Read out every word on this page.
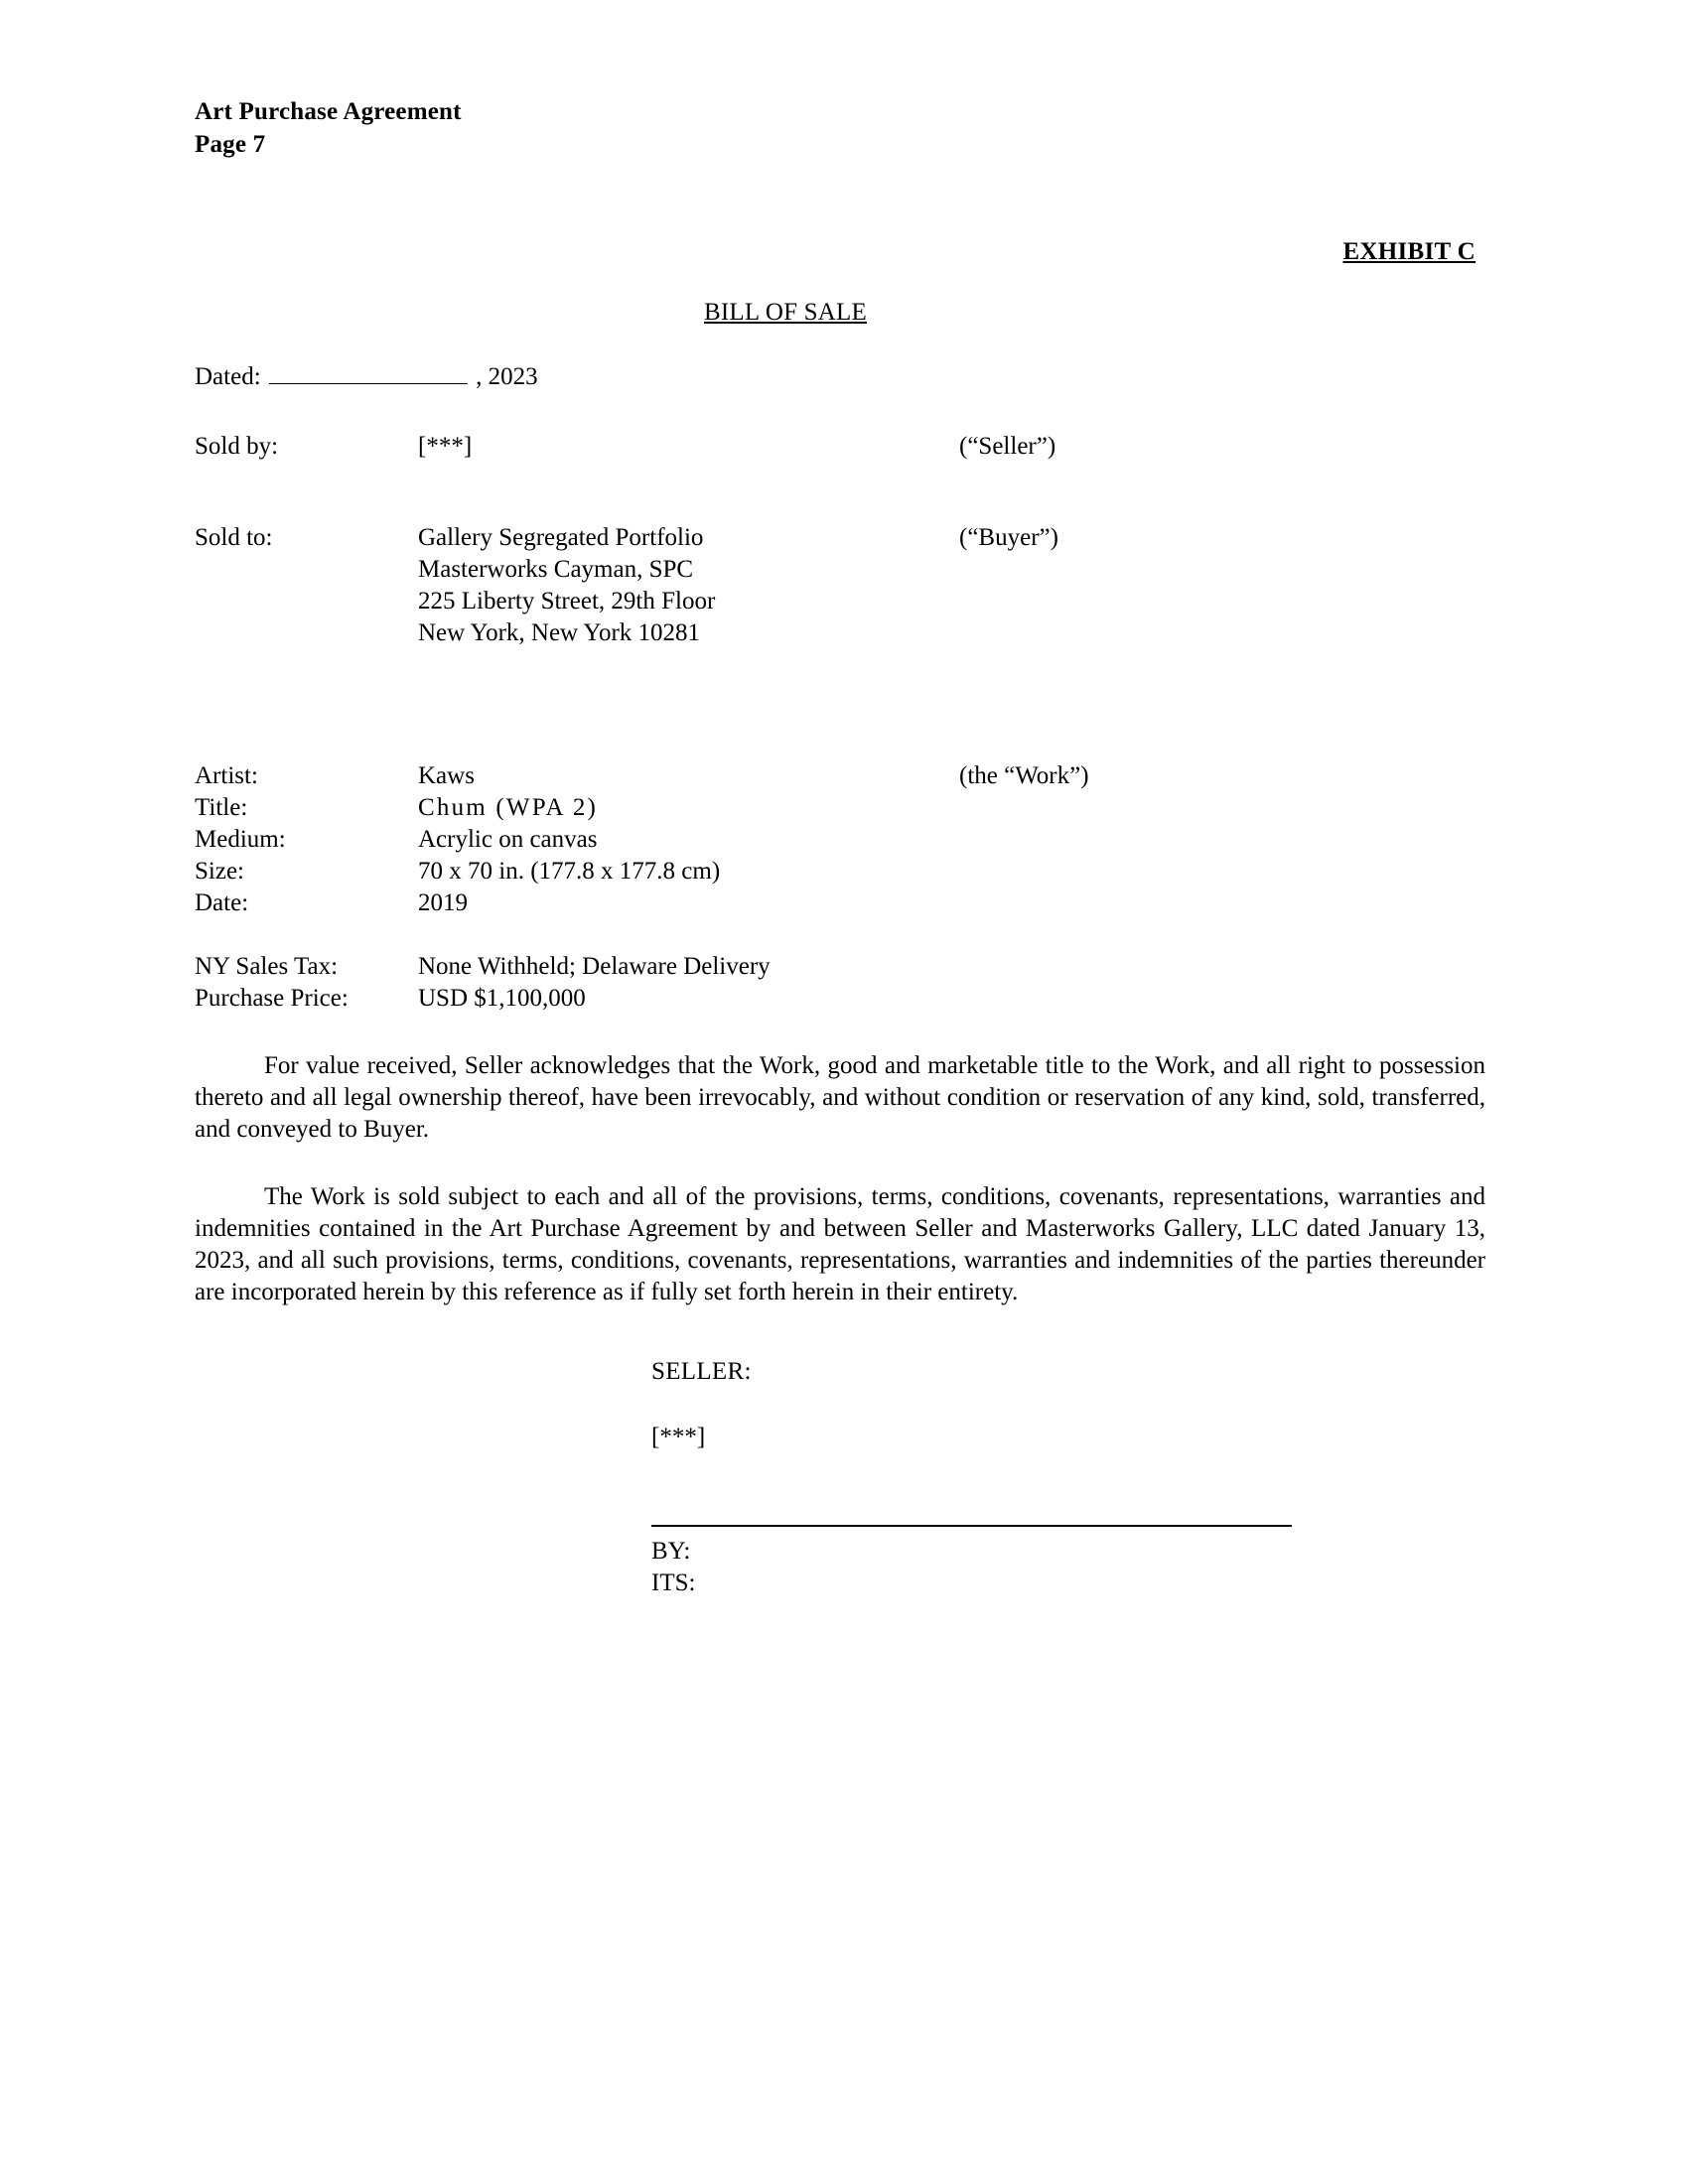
Art Purchase Agreement
Page 7
EXHIBIT C
BILL OF SALE
Dated:	, 2023
Sold by:	[***]	(“Seller”)
Sold to:	Gallery Segregated Portfolio
Masterworks Cayman, SPC
225 Liberty Street, 29th Floor
New York, New York 10281
(“Buyer”)
Artist:	Kaws	(the “Work”)
Title:	Chum (WPA 2)
Medium:	Acrylic on canvas
Size:	70 x 70 in. (177.8 x 177.8 cm)
Date:	2019
NY Sales Tax:	None Withheld; Delaware Delivery
Purchase Price:	USD $1,100,000

For value received, Seller acknowledges that the Work, good and marketable title to the Work, and all right to possession thereto and all legal ownership thereof, have been irrevocably, and without condition or reservation of any kind, sold, transferred, and conveyed to Buyer.

The Work is sold subject to each and all of the provisions, terms, conditions, covenants, representations, warranties and indemnities contained in the Art Purchase Agreement by and between Seller and Masterworks Gallery, LLC dated January 13, 2023, and all such provisions, terms, conditions, covenants, representations, warranties and indemnities of the parties thereunder are incorporated herein by this reference as if fully set forth herein in their entirety.

SELLER:
[***]
BY:
ITS:
